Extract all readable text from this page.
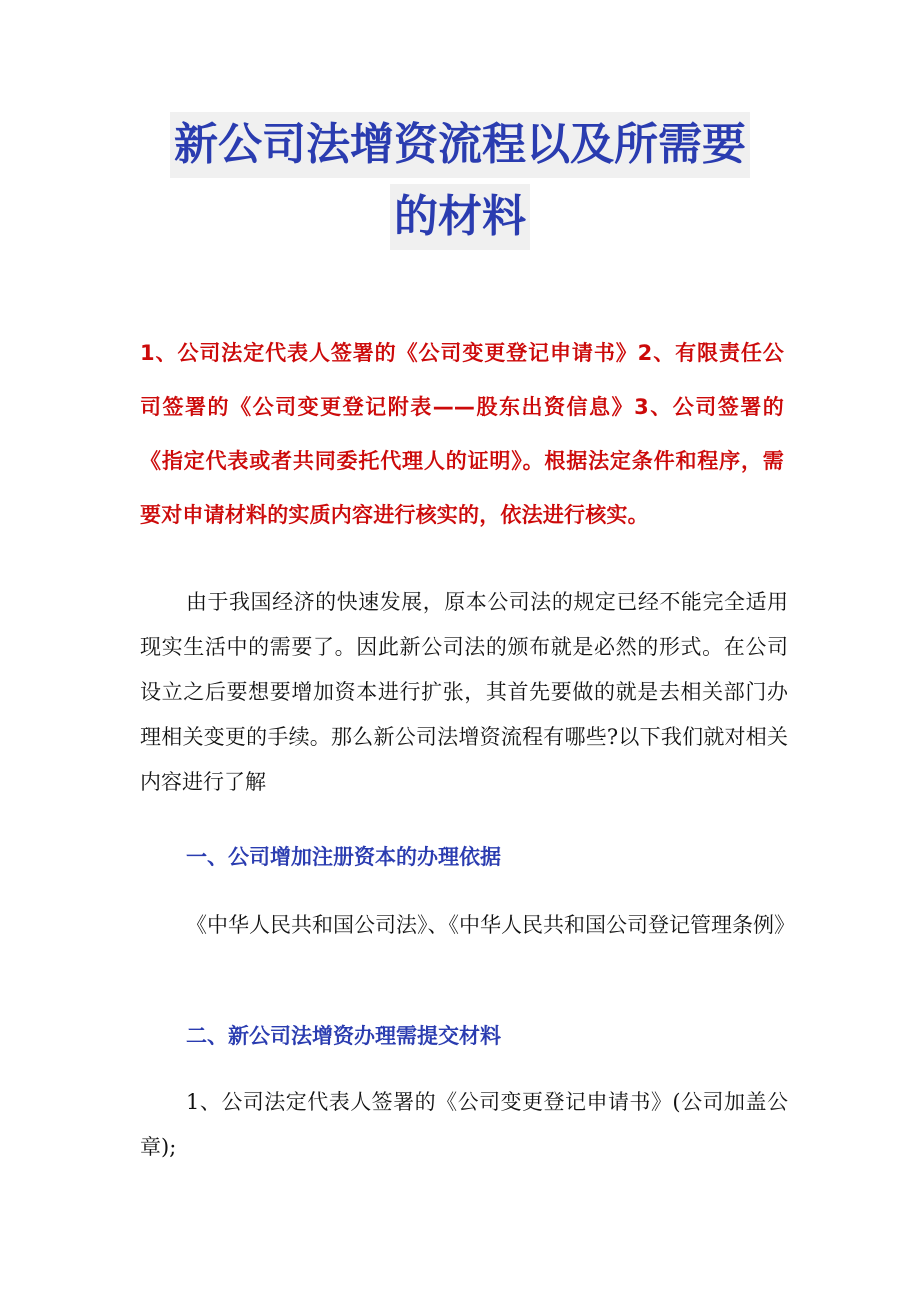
新公司法增资流程以及所需要
的材料
1、公司法定代表人签署的《公司变更登记申请书》2、有限责任公司签署的《公司变更登记附表——股东出资信息》3、公司签署的《指定代表或者共同委托代理人的证明》。根据法定条件和程序，需要对申请材料的实质内容进行核实的，依法进行核实。
由于我国经济的快速发展，原本公司法的规定已经不能完全适用现实生活中的需要了。因此新公司法的颁布就是必然的形式。在公司设立之后要想要增加资本进行扩张，其首先要做的就是去相关部门办理相关变更的手续。那么新公司法增资流程有哪些?以下我们就对相关内容进行了解
一、公司增加注册资本的办理依据
《中华人民共和国公司法》、《中华人民共和国公司登记管理条例》
二、新公司法增资办理需提交材料
1、公司法定代表人签署的《公司变更登记申请书》(公司加盖公章);
